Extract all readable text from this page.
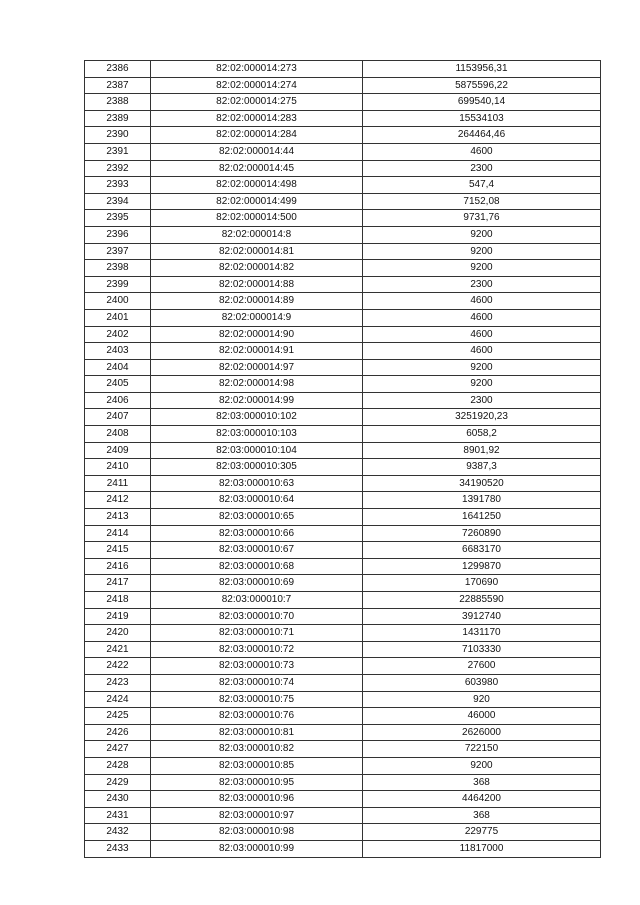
2386	82:02:000014:273	1153956,31
2387	82:02:000014:274	5875596,22
2388	82:02:000014:275	699540,14
2389	82:02:000014:283	15534103
2390	82:02:000014:284	264464,46
2391	82:02:000014:44	4600
2392	82:02:000014:45	2300
2393	82:02:000014:498	547,4
2394	82:02:000014:499	7152,08
2395	82:02:000014:500	9731,76
2396	82:02:000014:8	9200
2397	82:02:000014:81	9200
2398	82:02:000014:82	9200
2399	82:02:000014:88	2300
2400	82:02:000014:89	4600
2401	82:02:000014:9	4600
2402	82:02:000014:90	4600
2403	82:02:000014:91	4600
2404	82:02:000014:97	9200
2405	82:02:000014:98	9200
2406	82:02:000014:99	2300
2407	82:03:000010:102	3251920,23
2408	82:03:000010:103	6058,2
2409	82:03:000010:104	8901,92
2410	82:03:000010:305	9387,3
2411	82:03:000010:63	34190520
2412	82:03:000010:64	1391780
2413	82:03:000010:65	1641250
2414	82:03:000010:66	7260890
2415	82:03:000010:67	6683170
2416	82:03:000010:68	1299870
2417	82:03:000010:69	170690
2418	82:03:000010:7	22885590
2419	82:03:000010:70	3912740
2420	82:03:000010:71	1431170
2421	82:03:000010:72	7103330
2422	82:03:000010:73	27600
2423	82:03:000010:74	603980
2424	82:03:000010:75	920
2425	82:03:000010:76	46000
2426	82:03:000010:81	2626000
2427	82:03:000010:82	722150
2428	82:03:000010:85	9200
2429	82:03:000010:95	368
2430	82:03:000010:96	4464200
2431	82:03:000010:97	368
2432	82:03:000010:98	229775
2433	82:03:000010:99	11817000
